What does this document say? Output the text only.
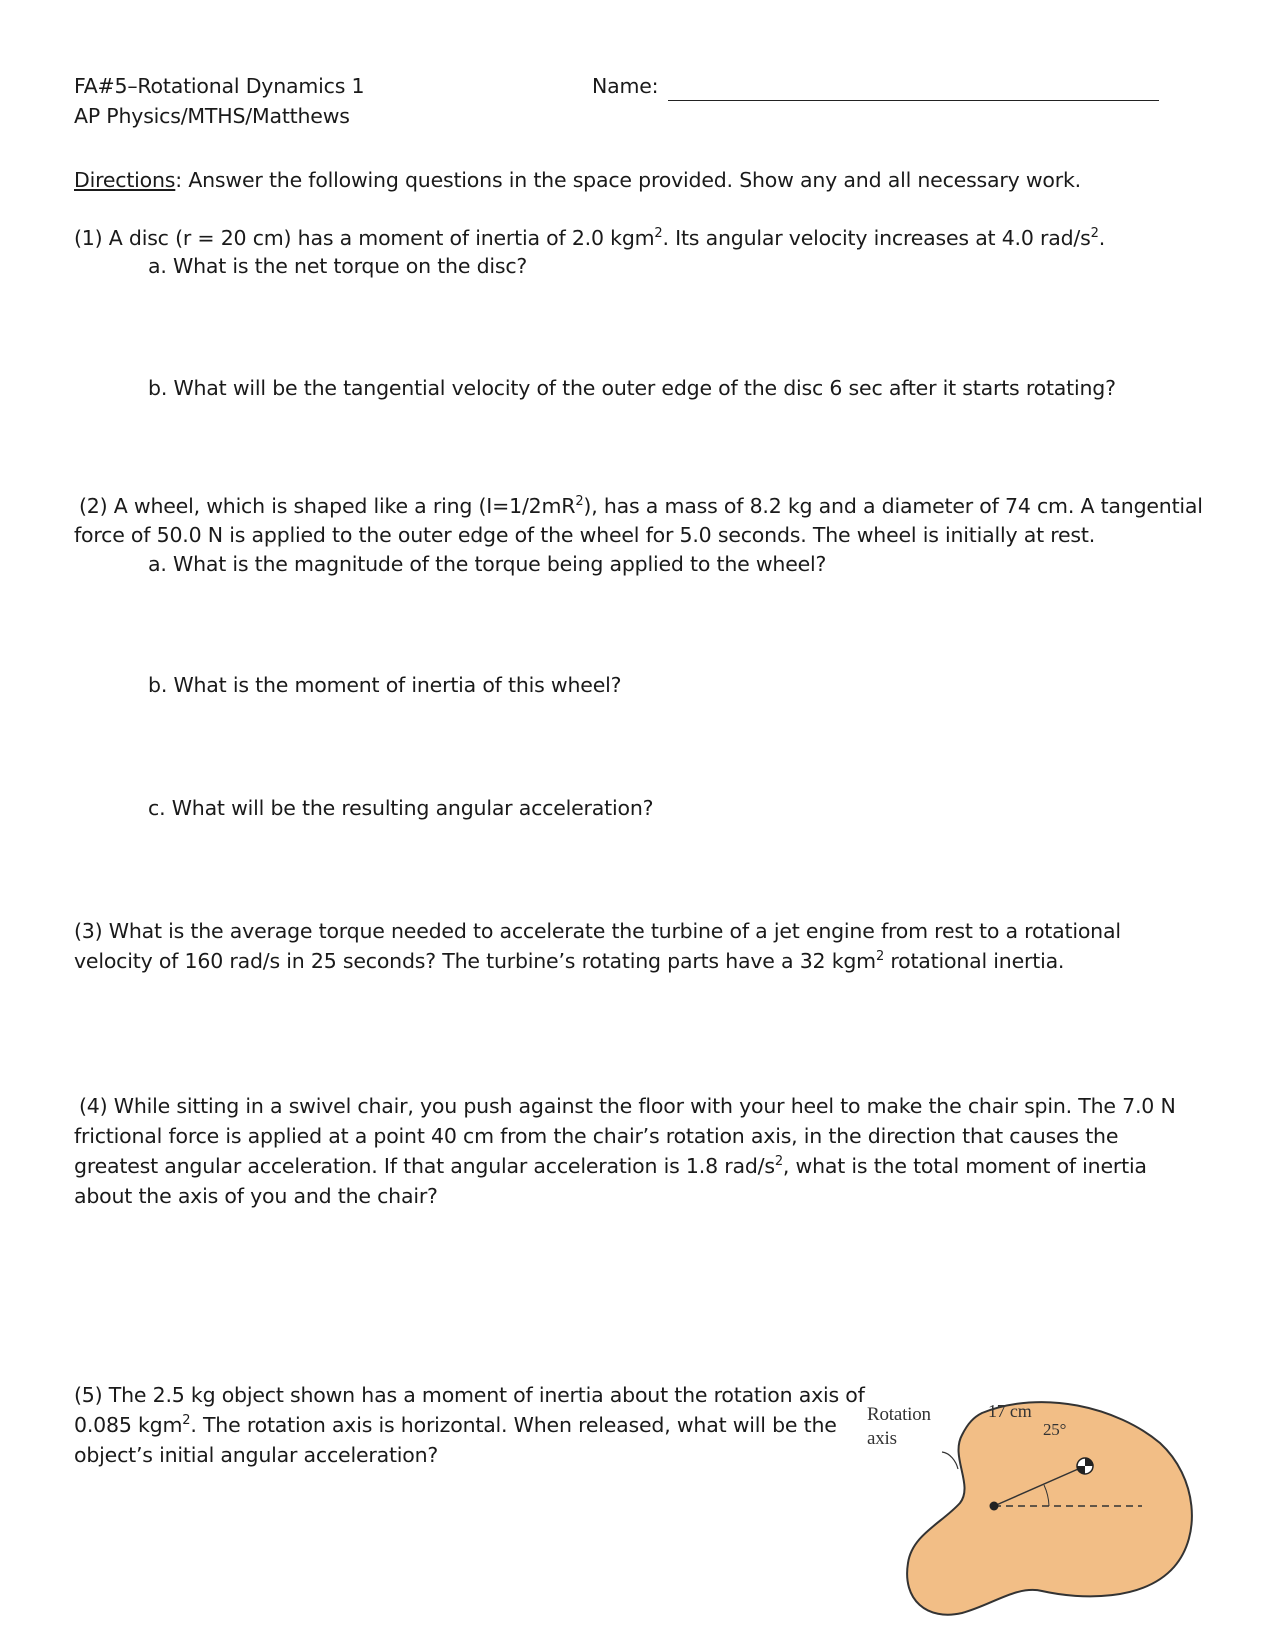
FA#5–Rotational Dynamics 1
AP Physics/MTHS/Matthews
Name:
Directions: Answer the following questions in the space provided. Show any and all necessary work.
(1) A disc (r = 20 cm) has a moment of inertia of 2.0 kgm$^2$. Its angular velocity increases at 4.0 rad/$s^2$.
a. What is the net torque on the disc?
b. What will be the tangential velocity of the outer edge of the disc 6 sec after it starts rotating?
(2) A wheel, which is shaped like a ring $(I=1/2mR^2)$, has a mass of 8.2 kg and a diameter of 74 cm. A tangential
force of 50.0 N is applied to the outer edge of the wheel for 5.0 seconds. The wheel is initially at rest.
a. What is the magnitude of the torque being applied to the wheel?
b. What is the moment of inertia of this wheel?
c. What will be the resulting angular acceleration?
(3) What is the average torque needed to accelerate the turbine of a jet engine from rest to a rotational
velocity of 160 rad/s in 25 seconds? The turbine’s rotating parts have a 32 kgm$^2$ rotational inertia.
(4) While sitting in a swivel chair, you push against the floor with your heel to make the chair spin. The 7.0 N
frictional force is applied at a point 40 cm from the chair’s rotation axis, in the direction that causes the
greatest angular acceleration. If that angular acceleration is 1.8 rad/$s^2$, what is the total moment of inertia
about the axis of you and the chair?
(5) The 2.5 kg object shown has a moment of inertia about the rotation axis of
0.085 kgm$^2$. The rotation axis is horizontal. When released, what will be the
object’s initial angular acceleration?
Rotation
axis
17 cm
25°
